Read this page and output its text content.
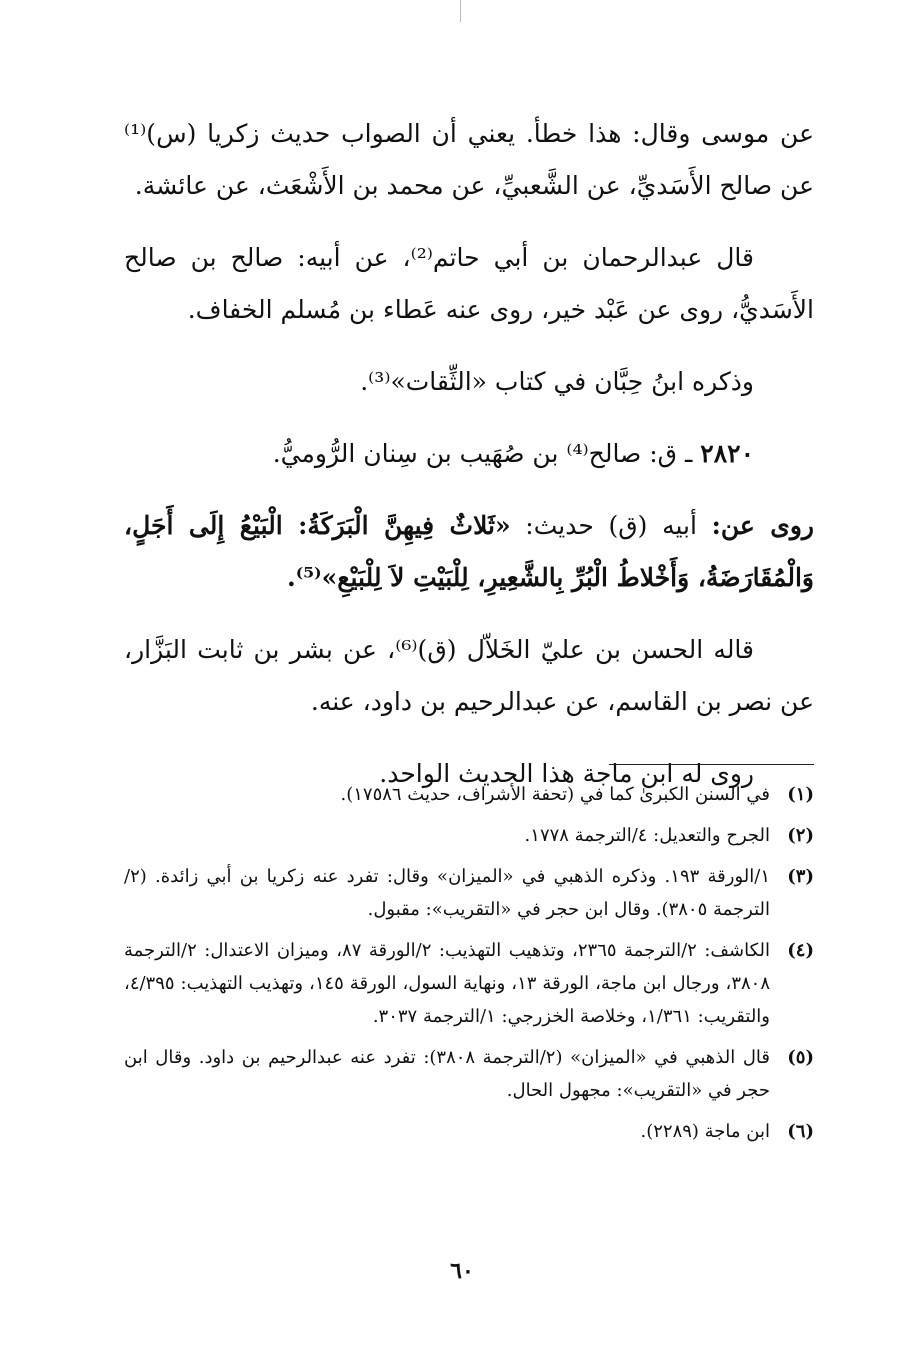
عن موسى وقال: هذا خطأ. يعني أن الصواب حديث زكريا (س)⁽¹⁾ عن صالح الأَسَديِّ، عن الشَّعبيِّ، عن محمد بن الأَشْعَث، عن عائشة.

قال عبدالرحمان بن أبي حاتم⁽²⁾، عن أبيه: صالح بن صالح الأَسَديُّ، روى عن عَبْد خير، روى عنه عَطاء بن مُسلم الخفاف.

وذكره ابنُ حِبَّان في كتاب «الثِّقات»⁽³⁾.

٢٨٢٠ ـ ق: صالح⁽⁴⁾ بن صُهَيب بن سِنان الرُّوميُّ.

روى عن: أبيه (ق) حديث: «ثَلاثٌ فِيهِنَّ الْبَرَكَةُ: الْبَيْعُ إِلَى أَجَلٍ، وَالْمُقَارَضَةُ، وَأَخْلاطُ الْبُرِّ بِالشَّعِيرِ، لِلْبَيْتِ لاَ لِلْبَيْعِ»⁽⁵⁾.

قاله الحسن بن عليّ الخَلاّل (ق)⁽⁶⁾، عن بشر بن ثابت البَزَّار، عن نصر بن القاسم، عن عبدالرحيم بن داود، عنه.

روى له ابن ماجة هذا الحديث الواحد.

(١)
في السنن الكبرىٰ كما في (تحفة الأشراف، حديث ١٧٥٨٦).
(٢)
الجرح والتعديل: ٤/الترجمة ١٧٧٨.
(٣)
١/الورقة ١٩٣. وذكره الذهبي في «الميزان» وقال: تفرد عنه زكريا بن أبي زائدة. (٢/الترجمة ٣٨٠٥). وقال ابن حجر في «التقريب»: مقبول.
(٤)
الكاشف: ٢/الترجمة ٢٣٦٥، وتذهيب التهذيب: ٢/الورقة ٨٧، وميزان الاعتدال: ٢/الترجمة ٣٨٠٨، ورجال ابن ماجة، الورقة ١٣، ونهاية السول، الورقة ١٤٥، وتهذيب التهذيب: ٤/٣٩٥، والتقريب: ١/٣٦١، وخلاصة الخزرجي: ١/الترجمة ٣٠٣٧.
(٥)
قال الذهبي في «الميزان» (٢/الترجمة ٣٨٠٨): تفرد عنه عبدالرحيم بن داود. وقال ابن حجر في «التقريب»: مجهول الحال.
(٦)
ابن ماجة (٢٢٨٩).
٦٠
